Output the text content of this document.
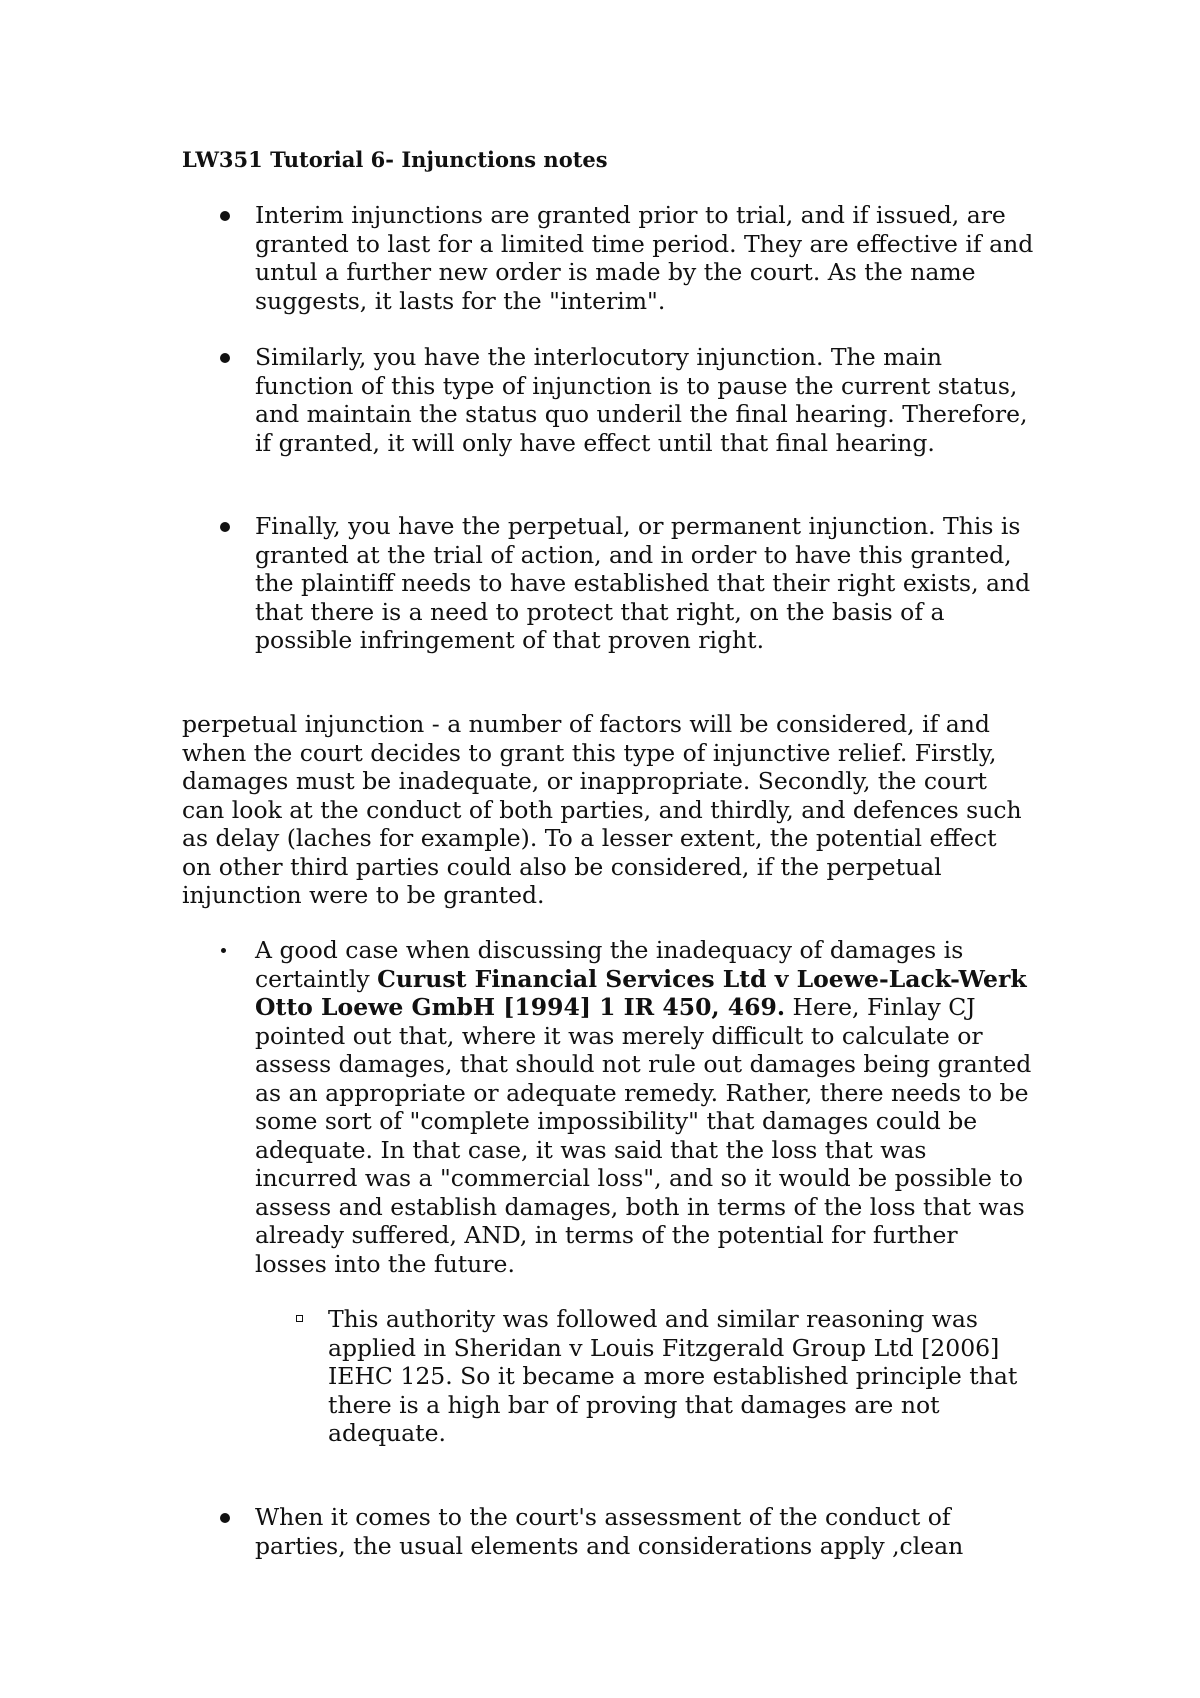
LW351 Tutorial 6- Injunctions notes

Interim injunctions are granted prior to trial, and if issued, are granted to last for a limited time period. They are effective if and untul a further new order is made by the court. As the name suggests, it lasts for the "interim".

Similarly, you have the interlocutory injunction. The main function of this type of injunction is to pause the current status, and maintain the status quo underil the final hearing. Therefore, if granted, it will only have effect until that final hearing.

Finally, you have the perpetual, or permanent injunction. This is granted at the trial of action, and in order to have this granted, the plaintiff needs to have established that their right exists, and that there is a need to protect that right, on the basis of a possible infringement of that proven right.

perpetual injunction - a number of factors will be considered, if and when the court decides to grant this type of injunctive relief. Firstly, damages must be inadequate, or inappropriate. Secondly, the court can look at the conduct of both parties, and thirdly, and defences such as delay (laches for example). To a lesser extent, the potential effect on other third parties could also be considered, if the perpetual injunction were to be granted.

A good case when discussing the inadequacy of damages is certaintly Curust Financial Services Ltd v Loewe-Lack-Werk Otto Loewe GmbH [1994] 1 IR 450, 469. Here, Finlay CJ pointed out that, where it was merely difficult to calculate or assess damages, that should not rule out damages being granted as an appropriate or adequate remedy. Rather, there needs to be some sort of "complete impossibility" that damages could be adequate. In that case, it was said that the loss that was incurred was a "commercial loss", and so it would be possible to assess and establish damages, both in terms of the loss that was already suffered, AND, in terms of the potential for further losses into the future.

This authority was followed and similar reasoning was applied in Sheridan v Louis Fitzgerald Group Ltd [2006] IEHC 125. So it became a more established principle that there is a high bar of proving that damages are not adequate.

When it comes to the court's assessment of the conduct of parties, the usual elements and considerations apply ,clean
